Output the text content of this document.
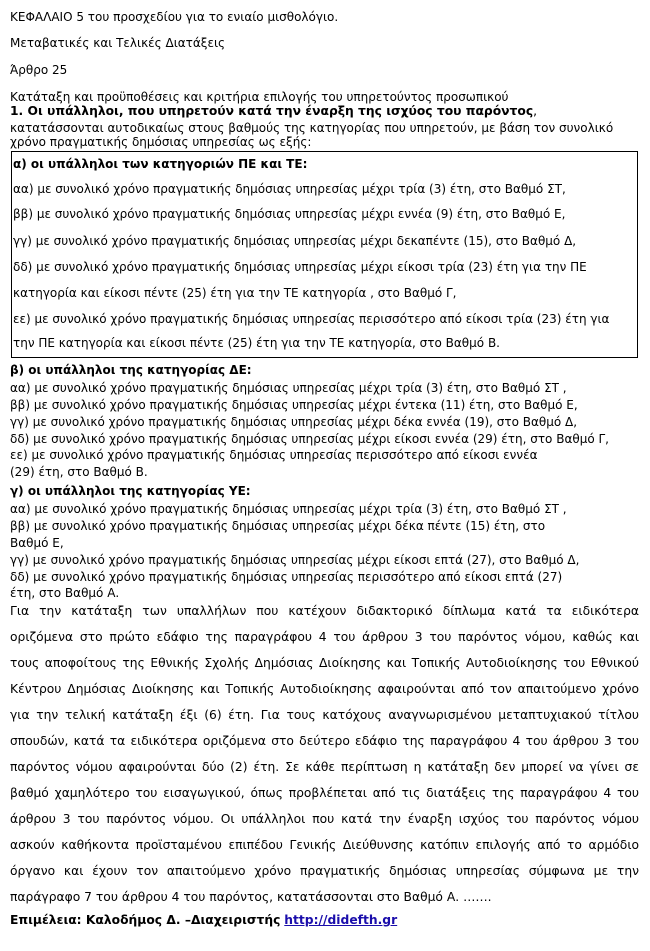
ΚΕΦΑΛΑΙΟ 5 του προσχεδίου για το ενιαίο μισθολόγιο.
Μεταβατικές και Τελικές Διατάξεις
Άρθρο 25
Κατάταξη και προϋποθέσεις και κριτήρια επιλογής του υπηρετούντος προσωπικού
1. Οι υπάλληλοι, που υπηρετούν κατά την έναρξη της ισχύος του παρόντος,
κατατάσσονται αυτοδικαίως στους βαθμούς της κατηγορίας που υπηρετούν, με βάση τον συνολικό
χρόνο πραγματικής δημόσιας υπηρεσίας ως εξής:
α) οι υπάλληλοι των κατηγοριών ΠΕ και ΤΕ:
αα) με συνολικό χρόνο πραγματικής δημόσιας υπηρεσίας μέχρι τρία (3) έτη, στο Βαθμό ΣΤ,
ββ) με συνολικό χρόνο πραγματικής δημόσιας υπηρεσίας μέχρι εννέα (9) έτη, στο Βαθμό Ε,
γγ) με συνολικό χρόνο πραγματικής δημόσιας υπηρεσίας μέχρι δεκαπέντε (15), στο Βαθμό Δ,
δδ) με συνολικό χρόνο πραγματικής δημόσιας υπηρεσίας μέχρι είκοσι τρία (23) έτη για την ΠΕ
κατηγορία και είκοσι πέντε (25) έτη για την ΤΕ κατηγορία , στο Βαθμό Γ,
εε) με συνολικό χρόνο πραγματικής δημόσιας υπηρεσίας περισσότερο από είκοσι τρία (23) έτη για
την ΠΕ κατηγορία και είκοσι πέντε (25) έτη για την ΤΕ κατηγορία, στο Βαθμό Β.
β) οι υπάλληλοι της κατηγορίας ΔΕ:
αα) με συνολικό χρόνο πραγματικής δημόσιας υπηρεσίας μέχρι τρία (3) έτη, στο Βαθμό ΣΤ ,
ββ) με συνολικό χρόνο πραγματικής δημόσιας υπηρεσίας μέχρι έντεκα (11) έτη, στο Βαθμό Ε,
γγ) με συνολικό χρόνο πραγματικής δημόσιας υπηρεσίας μέχρι δέκα εννέα (19), στο Βαθμό Δ,
δδ) με συνολικό χρόνο πραγματικής δημόσιας υπηρεσίας μέχρι είκοσι εννέα (29) έτη, στο Βαθμό Γ,
εε) με συνολικό χρόνο πραγματικής δημόσιας υπηρεσίας περισσότερο από είκοσι εννέα
(29) έτη, στο Βαθμό Β.
γ) οι υπάλληλοι της κατηγορίας ΥΕ:
αα) με συνολικό χρόνο πραγματικής δημόσιας υπηρεσίας μέχρι τρία (3) έτη, στο Βαθμό ΣΤ ,
ββ) με συνολικό χρόνο πραγματικής δημόσιας υπηρεσίας μέχρι δέκα πέντε (15) έτη, στο
Βαθμό Ε,
γγ) με συνολικό χρόνο πραγματικής δημόσιας υπηρεσίας μέχρι είκοσι επτά (27), στο Βαθμό Δ,
δδ) με συνολικό χρόνο πραγματικής δημόσιας υπηρεσίας περισσότερο από είκοσι επτά (27)
έτη, στο Βαθμό Α.
Για την κατάταξη των υπαλλήλων που κατέχουν διδακτορικό δίπλωμα κατά τα ειδικότερα
οριζόμενα στο πρώτο εδάφιο της παραγράφου 4 του άρθρου 3 του παρόντος νόμου, καθώς και
τους αποφοίτους της Εθνικής Σχολής Δημόσιας Διοίκησης και Τοπικής Αυτοδιοίκησης του Εθνικού
Κέντρου Δημόσιας Διοίκησης και Τοπικής Αυτοδιοίκησης αφαιρούνται από τον απαιτούμενο χρόνο
για την τελική κατάταξη έξι (6) έτη. Για τους κατόχους αναγνωρισμένου μεταπτυχιακού τίτλου
σπουδών, κατά τα ειδικότερα οριζόμενα στο δεύτερο εδάφιο της παραγράφου 4 του άρθρου 3 του
παρόντος νόμου αφαιρούνται δύο (2) έτη. Σε κάθε περίπτωση η κατάταξη δεν μπορεί να γίνει σε
βαθμό χαμηλότερο του εισαγωγικού, όπως προβλέπεται από τις διατάξεις της παραγράφου 4 του
άρθρου 3 του παρόντος νόμου. Οι υπάλληλοι που κατά την έναρξη ισχύος του παρόντος νόμου
ασκούν καθήκοντα προϊσταμένου επιπέδου Γενικής Διεύθυνσης κατόπιν επιλογής από το αρμόδιο
όργανο και έχουν τον απαιτούμενο χρόνο πραγματικής δημόσιας υπηρεσίας σύμφωνα με την
παράγραφο 7 του άρθρου 4 του παρόντος, κατατάσσονται στο Βαθμό Α. …….
Επιμέλεια: Καλοδήμος Δ. –Διαχειριστής http://didefth.gr
